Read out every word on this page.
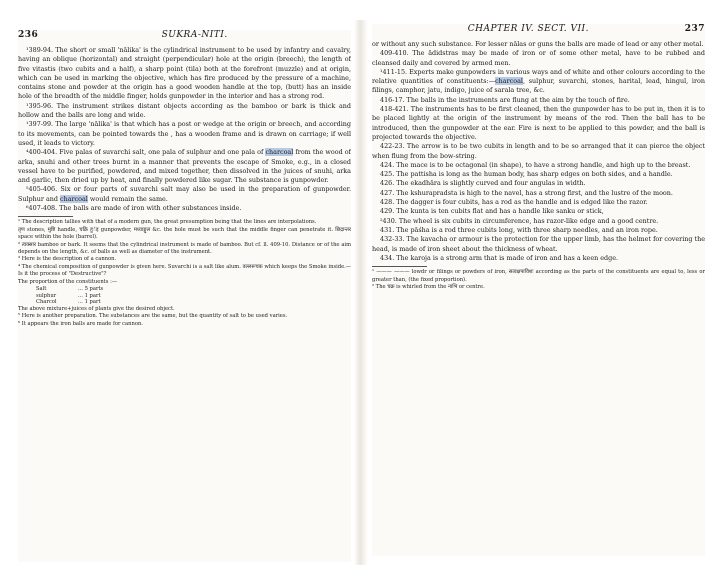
236	ŚUKRA-NĪTI.

¹389-94. The short or small 'nālika' is the cylindrical instrument to be used by infantry and cavalry, having an oblique (horizontal) and straight (perpendicular) hole at the origin (breech), the length of five vitastis (two cubits and a half), a sharp point (tila) both at the forefront (muzzle) and at origin, which can be used in marking the objective, which has fire produced by the pressure of a machine, contains stone and powder at the origin has a good wooden handle at the top, (butt) has an inside hole of the breadth of the middle finger, holds gunpowder in the interior and has a strong rod.

¹395-96. The instrument strikes distant objects according as the bamboo or bark is thick and hollow and the balls are long and wide.

¹397-99. The large 'nālika' is that which has a post or wedge at the origin or breech, and according to its movements, can be pointed towards the , has a wooden frame and is drawn on carriage; if well used, it leads to victory.

⁴400-404. Five palas of suvarchi salt, one pala of sulphur and one pala of charcoal from the wood of arka, snuhi and other trees burnt in a manner that prevents the escape of Smoke, e.g., in a closed vessel have to be purified, powdered, and mixed together, then dissolved in the juices of snuhi, arka and garlic, then dried up by heat, and finally powdered like sugar. The substance is gunpowder.

⁵405-406. Six or four parts of suvarchi salt may also be used in the preparation of gunpowder. Sulphur and charcoal would remain the same.

⁶407-408. The balls are made of iron with other substances inside.

¹ The description tallies with that of a modern gun, the great presumption being that the lines are interpolations.

तृण stones, मुष्टि handle, चक्रि हुर्इ gunpowder, मध्याङ्गुल &c. the hole must be such that the middle finger can penetrate it. छिद्रान्तर space within the hole (barrel).

² त्वक्सार bamboo or bark. It seems that the cylindrical instrument is made of bamboo. But cf. ll. 409-10. Distance or of the aim depends on the length, &c. of balls as well as diameter of the instrument.

³ Here is the description of a cannon.

⁴ The chemical composition of gunpowder is given here. Suvarchi is a salt like alum. वल्लरूचक which keeps the Smoke inside.—Is it the process of "Destructive"?

The proportion of the constituents :—

Salt	... 5 parts
sulphur	... 1 part
Charcol	... 1 part

The above mixture+juices of plants give the desired object.

⁵ Here is another preparation. The substances are the same, but the quantity of salt to be used varies.

⁶ It appears the iron balls are made for cannon.

CHAPTER IV. SECT. VII.	237

or without any such substance. For lesser nālas or guns the balls are made of lead or any other metal.

409-410. The ādidstras may be made of iron or of some other metal, have to be rubbed and cleansed daily and covered by armed men.

¹411-15. Experts make gunpowders in various ways and of white and other colours according to the relative quantities of constituents:—charcoal, sulphur, suvarchi, stones, harital, lead, hingul, iron filings, camphor, jatu, indigo, juice of sarala tree, &c.

416-17. The balls in the instruments are flung at the aim by the touch of fire.

418-421. The instruments has to be first cleaned, then the gunpowder has to be put in, then it is to be placed lightly at the origin of the instrument by means of the rod. Then the ball has to be introduced, then the gunpowder at the ear. Fire is next to be applied to this powder, and the ball is projected towards the objective.

422-23. The arrow is to be two cubits in length and to be so arranged that it can pierce the object when flung from the bow-string.

424. The mace is to be octagonal (in shape), to have a strong handle, and high up to the breast.

425. The pattisha is long as the human body, has sharp edges on both sides, and a handle.

426. The ekadhāra is slightly curved and four angulas in width.

427. The kshurapradsta is high to the navel, has a strong first, and the lustre of the moon.

428. The dagger is four cubits, has a rod as the handle and is edged like the razor.

429. The kunta is ten cubits flat and has a handle like sanku or stick,

²430. The wheel is six cubits in circumference, has razor-like edge and a good centre.

431. The pāśha is a rod three cubits long, with three sharp needles, and an iron rope.

432-33. The kavacha or armour is the protection for the upper limb, has the helmet for covering the head, is made of iron sheet about the thickness of wheat.

434. The karoja is a strong arm that is made of iron and has a keen edge.

¹ ——— ——— lowdr or filings or powders of iron, सत्वक्षपाविशः according as the parts of the constituents are equal to, less or greater than, (the fixed proportion).

² The चक्र is whirled from the नाभि or centre.
